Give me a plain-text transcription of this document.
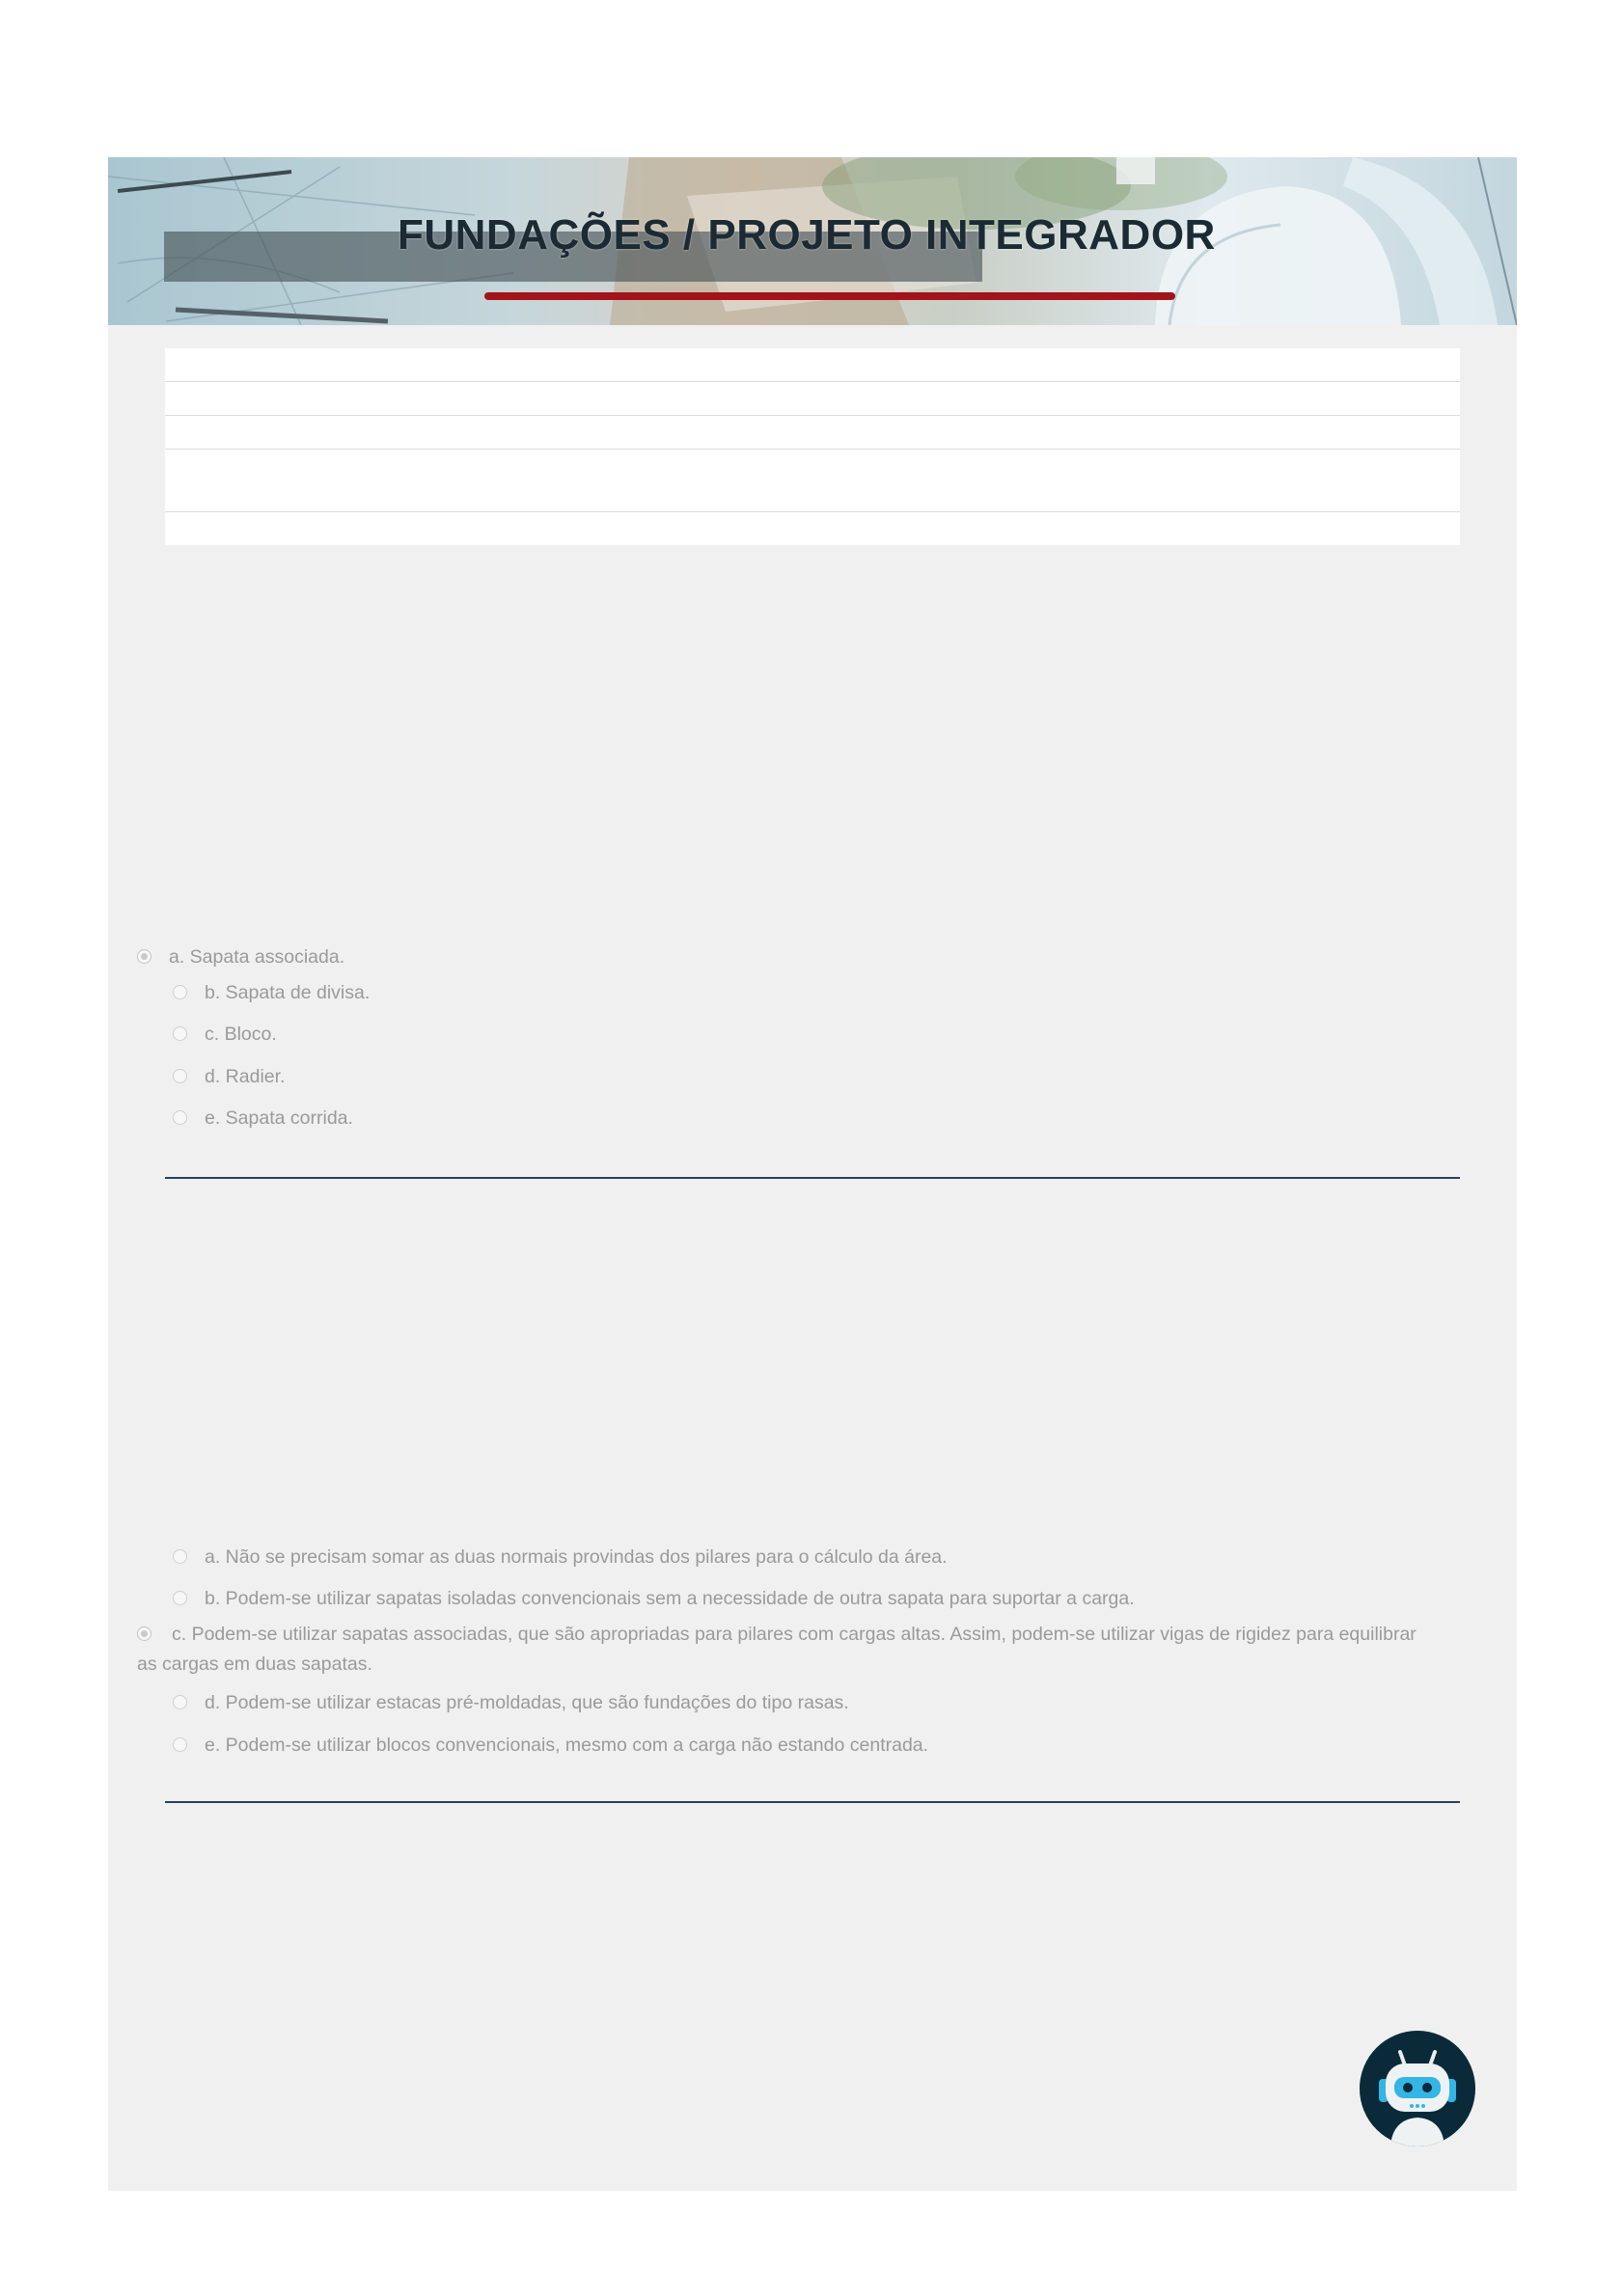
FUNDAÇÕES / PROJETO INTEGRADOR
a. Sapata associada.
b. Sapata de divisa.
c. Bloco.
d. Radier.
e. Sapata corrida.
a. Não se precisam somar as duas normais provindas dos pilares para o cálculo da área.
b. Podem-se utilizar sapatas isoladas convencionais sem a necessidade de outra sapata para suportar a carga.
c. Podem-se utilizar sapatas associadas, que são apropriadas para pilares com cargas altas. Assim, podem-se utilizar vigas de rigidez para equilibrar as cargas em duas sapatas.
d. Podem-se utilizar estacas pré-moldadas, que são fundações do tipo rasas.
e. Podem-se utilizar blocos convencionais, mesmo com a carga não estando centrada.
